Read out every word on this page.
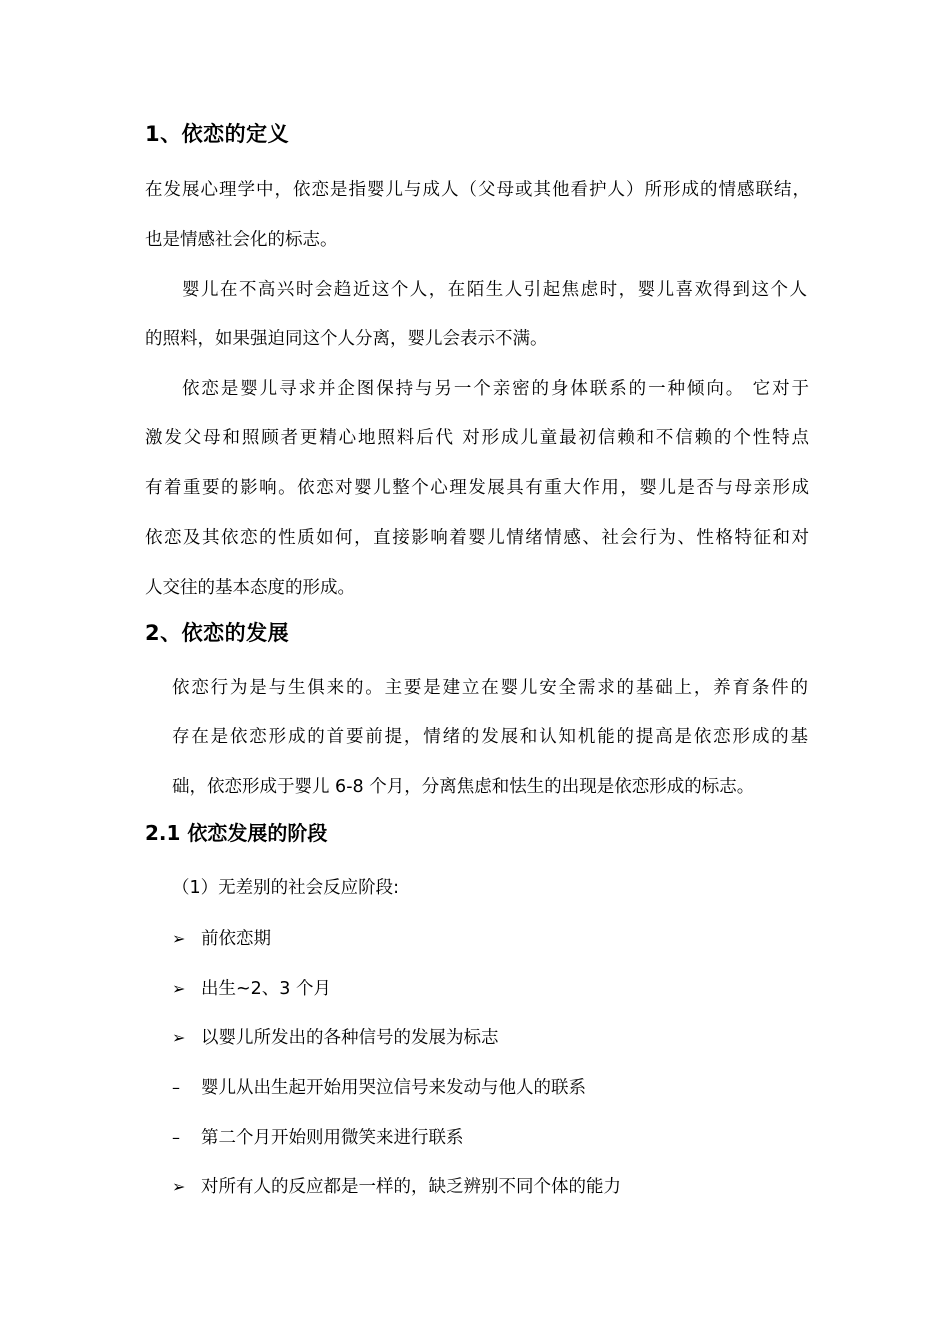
1、依恋的定义
在发展心理学中，依恋是指婴儿与成人（父母或其他看护人）所形成的情感联结，
也是情感社会化的标志。
婴儿在不高兴时会趋近这个人，在陌生人引起焦虑时，婴儿喜欢得到这个人
的照料，如果强迫同这个人分离，婴儿会表示不满。
依恋是婴儿寻求并企图保持与另一个亲密的身体联系的一种倾向。 它对于
激发父母和照顾者更精心地照料后代 对形成儿童最初信赖和不信赖的个性特点
有着重要的影响。依恋对婴儿整个心理发展具有重大作用，婴儿是否与母亲形成
依恋及其依恋的性质如何，直接影响着婴儿情绪情感、社会行为、性格特征和对
人交往的基本态度的形成。
2、依恋的发展
依恋行为是与生俱来的。主要是建立在婴儿安全需求的基础上，养育条件的
存在是依恋形成的首要前提，情绪的发展和认知机能的提高是依恋形成的基
础，依恋形成于婴儿 6-8 个月，分离焦虑和怯生的出现是依恋形成的标志。
2.1 依恋发展的阶段
（1）无差别的社会反应阶段:
➢ 前依恋期
➢ 出生~2、3 个月
➢ 以婴儿所发出的各种信号的发展为标志
– 婴儿从出生起开始用哭泣信号来发动与他人的联系
– 第二个月开始则用微笑来进行联系
➢ 对所有人的反应都是一样的，缺乏辨别不同个体的能力
